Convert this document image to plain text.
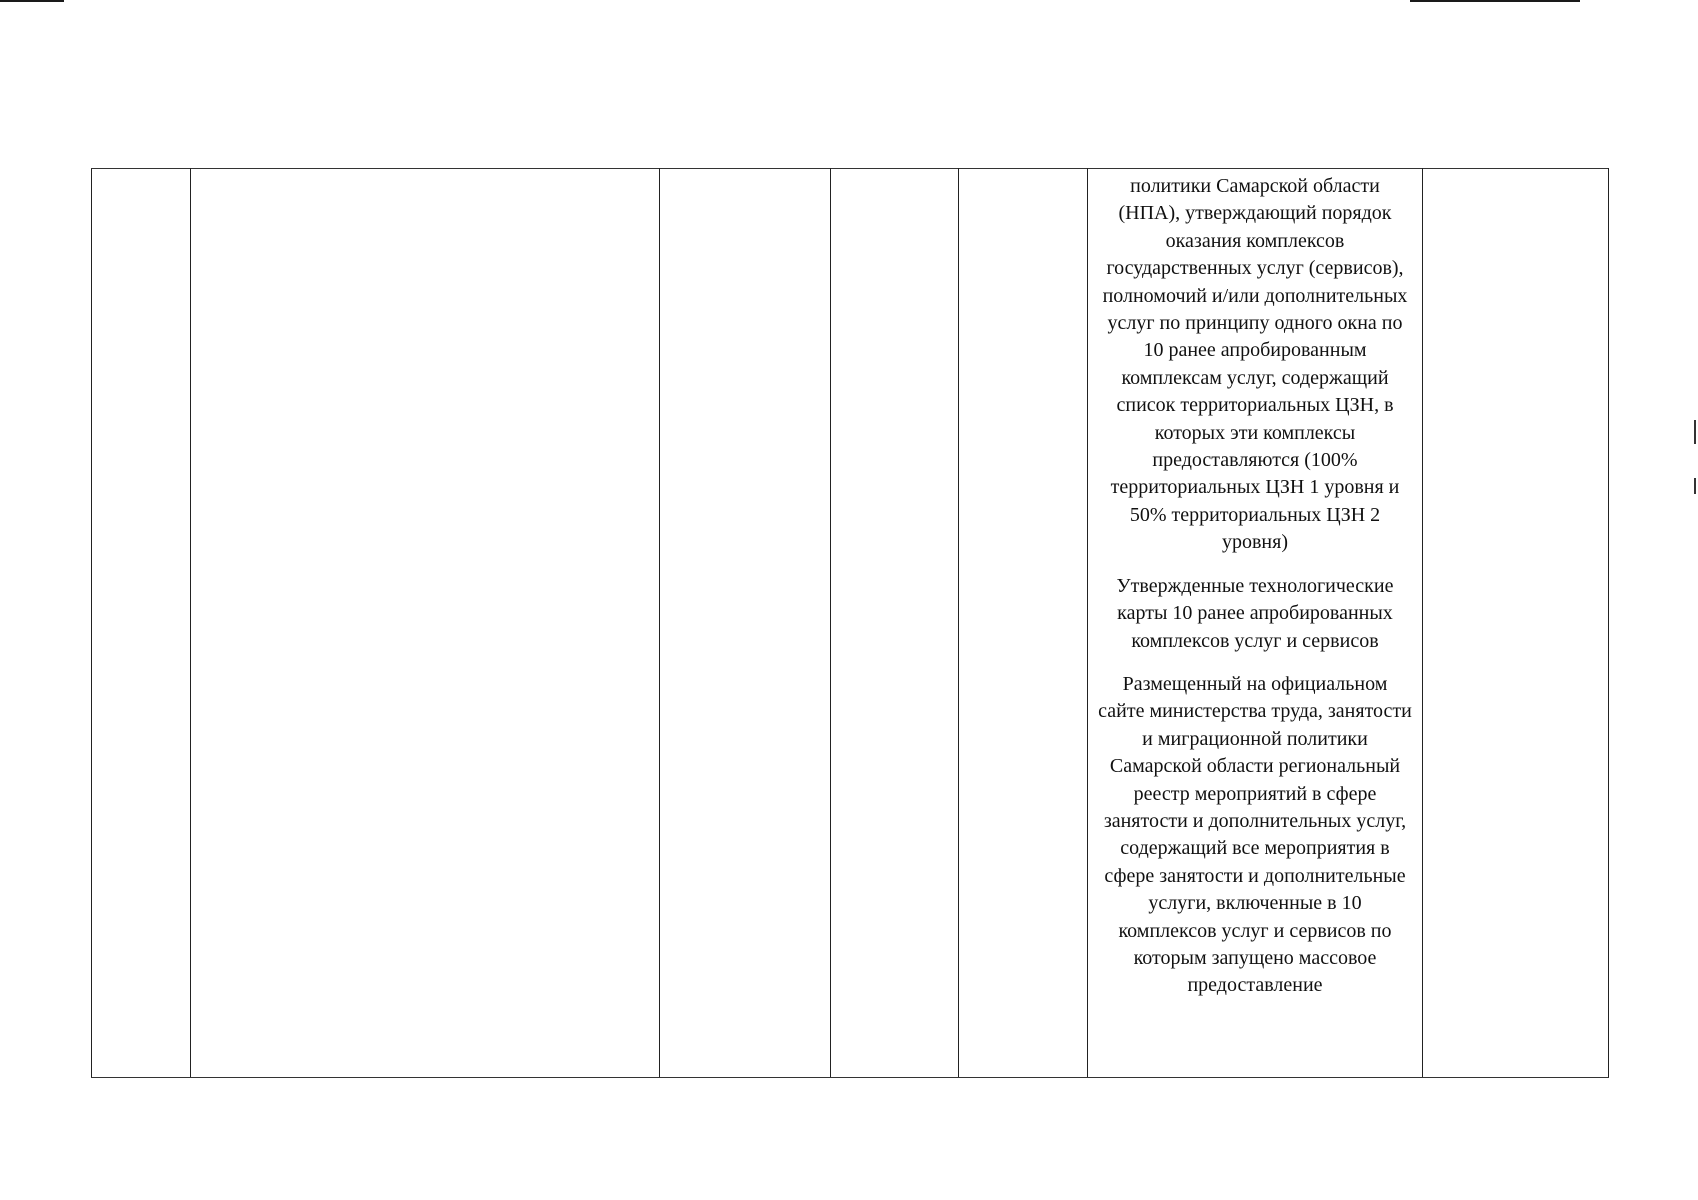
политики Самарской области (НПА), утверждающий порядок оказания комплексов государственных услуг (сервисов), полномочий и/или дополнительных услуг по принципу одного окна по 10 ранее апробированным комплексам услуг, содержащий список территориальных ЦЗН, в которых эти комплексы предоставляются (100% территориальных ЦЗН 1 уровня и 50% территориальных ЦЗН 2 уровня)

Утвержденные технологические карты 10 ранее апробированных комплексов услуг и сервисов

Размещенный на официальном сайте министерства труда, занятости и миграционной политики Самарской области региональный реестр мероприятий в сфере занятости и дополнительных услуг, содержащий все мероприятия в сфере занятости и дополнительные услуги, включенные в 10 комплексов услуг и сервисов по которым запущено массовое предоставление
